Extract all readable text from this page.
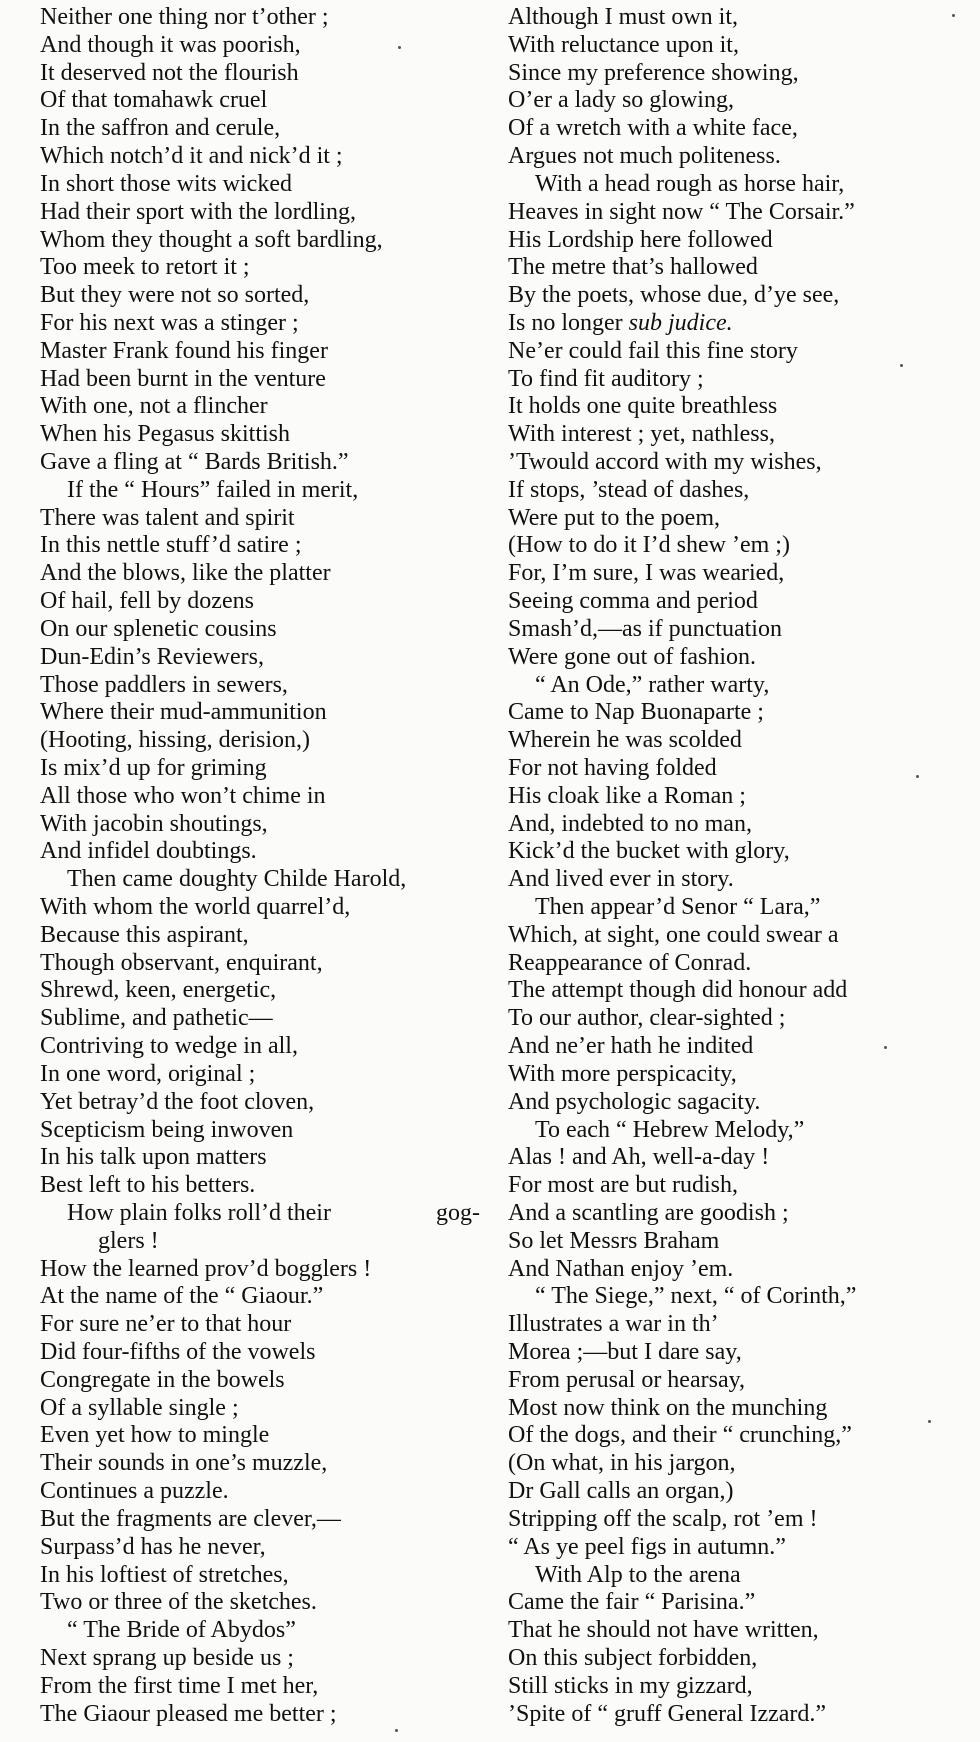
Neither one thing nor t’other ;
And though it was poorish,
It deserved not the flourish
Of that tomahawk cruel
In the saffron and cerule,
Which notch’d it and nick’d it ;
In short those wits wicked
Had their sport with the lordling,
Whom they thought a soft bardling,
Too meek to retort it ;
But they were not so sorted,
For his next was a stinger ;
Master Frank found his finger
Had been burnt in the venture
With one, not a flincher
When his Pegasus skittish
Gave a fling at “ Bards British.”
If the “ Hours” failed in merit,
There was talent and spirit
In this nettle stuff’d satire ;
And the blows, like the platter
Of hail, fell by dozens
On our splenetic cousins
Dun-Edin’s Reviewers,
Those paddlers in sewers,
Where their mud-ammunition
(Hooting, hissing, derision,)
Is mix’d up for griming
All those who won’t chime in
With jacobin shoutings,
And infidel doubtings.
Then came doughty Childe Harold,
With whom the world quarrel’d,
Because this aspirant,
Though observant, enquirant,
Shrewd, keen, energetic,
Sublime, and pathetic—
Contriving to wedge in all,
In one word, original ;
Yet betray’d the foot cloven,
Scepticism being inwoven
In his talk upon matters
Best left to his betters.
How plain folks roll’d their	gog-
glers !
How the learned prov’d bogglers !
At the name of the “ Giaour.”
For sure ne’er to that hour
Did four-fifths of the vowels
Congregate in the bowels
Of a syllable single ;
Even yet how to mingle
Their sounds in one’s muzzle,
Continues a puzzle.
But the fragments are clever,—
Surpass’d has he never,
In his loftiest of stretches,
Two or three of the sketches.
“ The Bride of Abydos”
Next sprang up beside us ;
From the first time I met her,
The Giaour pleased me better ;
Although I must own it,
With reluctance upon it,
Since my preference showing,
O’er a lady so glowing,
Of a wretch with a white face,
Argues not much politeness.
With a head rough as horse hair,
Heaves in sight now “ The Corsair.”
His Lordship here followed
The metre that’s hallowed
By the poets, whose due, d’ye see,
Is no longer sub judice.
Ne’er could fail this fine story
To find fit auditory ;
It holds one quite breathless
With interest ; yet, nathless,
’Twould accord with my wishes,
If stops, ’stead of dashes,
Were put to the poem,
(How to do it I’d shew ’em ;)
For, I’m sure, I was wearied,
Seeing comma and period
Smash’d,—as if punctuation
Were gone out of fashion.
“ An Ode,” rather warty,
Came to Nap Buonaparte ;
Wherein he was scolded
For not having folded
His cloak like a Roman ;
And, indebted to no man,
Kick’d the bucket with glory,
And lived ever in story.
Then appear’d Senor “ Lara,”
Which, at sight, one could swear a
Reappearance of Conrad.
The attempt though did honour add
To our author, clear-sighted ;
And ne’er hath he indited
With more perspicacity,
And psychologic sagacity.
To each “ Hebrew Melody,”
Alas ! and Ah, well-a-day !
For most are but rudish,
And a scantling are goodish ;
So let Messrs Braham
And Nathan enjoy ’em.
“ The Siege,” next, “ of Corinth,”
Illustrates a war in th’
Morea ;—but I dare say,
From perusal or hearsay,
Most now think on the munching
Of the dogs, and their “ crunching,”
(On what, in his jargon,
Dr Gall calls an organ,)
Stripping off the scalp, rot ’em !
“ As ye peel figs in autumn.”
With Alp to the arena
Came the fair “ Parisina.”
That he should not have written,
On this subject forbidden,
Still sticks in my gizzard,
’Spite of “ gruff General Izzard.”
